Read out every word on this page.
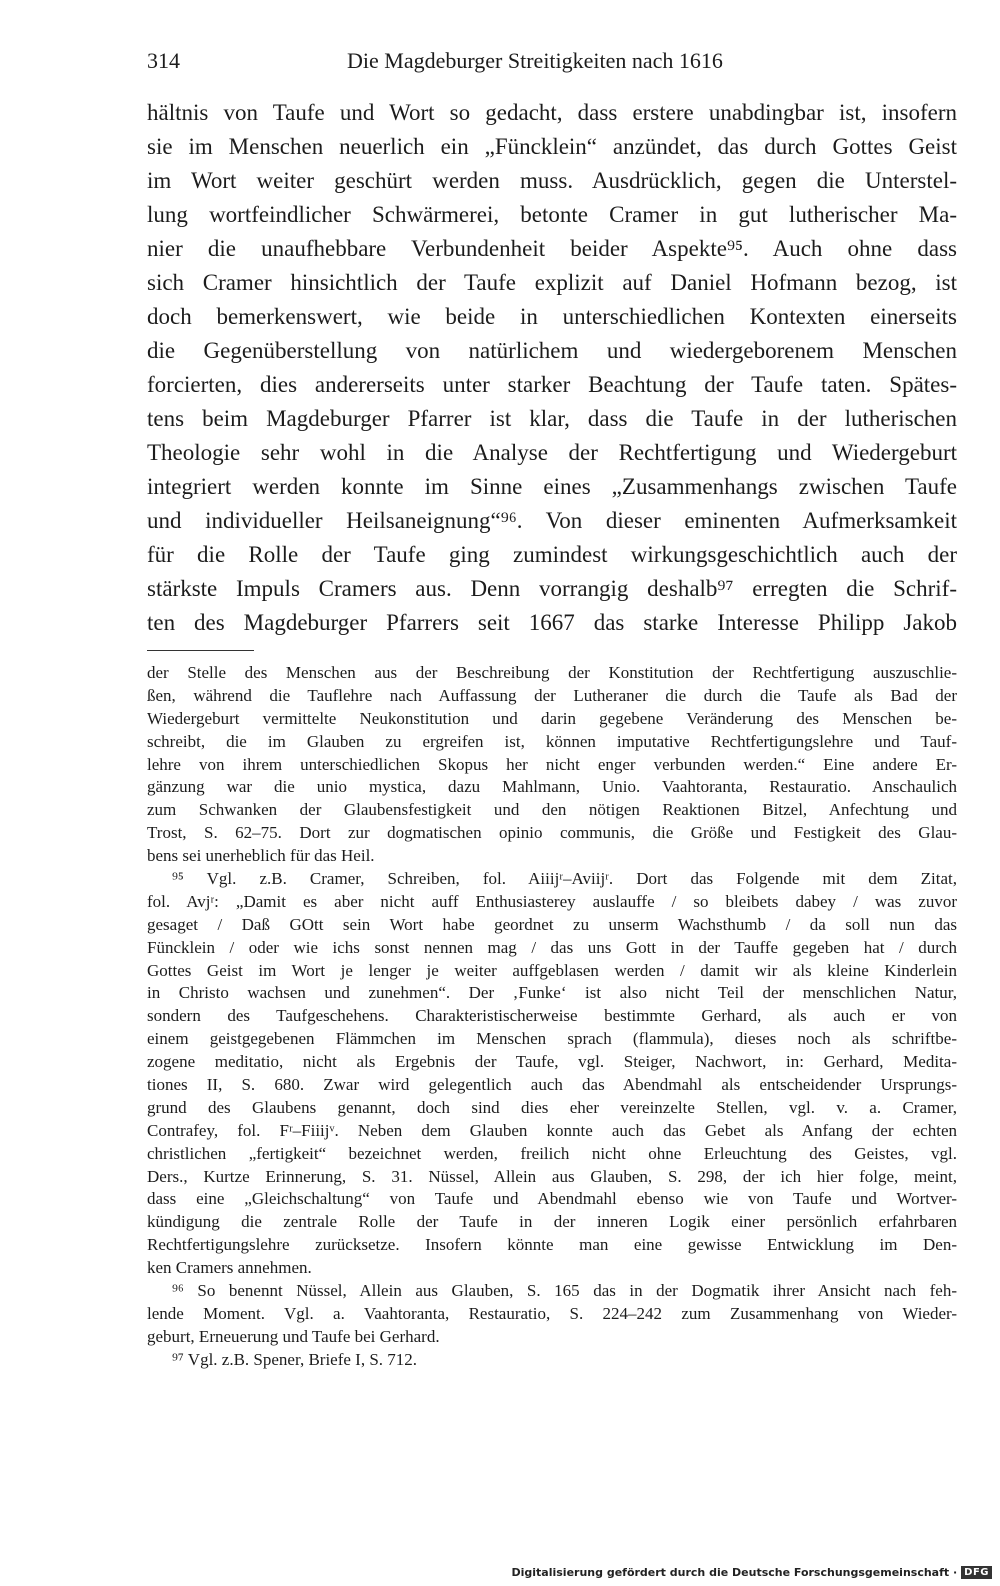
314	Die Magdeburger Streitigkeiten nach 1616
hältnis von Taufe und Wort so gedacht, dass erstere unabdingbar ist, insofern
sie im Menschen neuerlich ein „Füncklein“ anzündet, das durch Gottes Geist
im Wort weiter geschürt werden muss. Ausdrücklich, gegen die Unterstel-
lung wortfeindlicher Schwärmerei, betonte Cramer in gut lutherischer Ma-
nier die unaufhebbare Verbundenheit beider Aspekte⁹⁵. Auch ohne dass
sich Cramer hinsichtlich der Taufe explizit auf Daniel Hofmann bezog, ist
doch bemerkenswert, wie beide in unterschiedlichen Kontexten einerseits
die Gegenüberstellung von natürlichem und wiedergeborenem Menschen
forcierten, dies andererseits unter starker Beachtung der Taufe taten. Spätes-
tens beim Magdeburger Pfarrer ist klar, dass die Taufe in der lutherischen
Theologie sehr wohl in die Analyse der Rechtfertigung und Wiedergeburt
integriert werden konnte im Sinne eines „Zusammenhangs zwischen Taufe
und individueller Heilsaneignung“⁹⁶. Von dieser eminenten Aufmerksamkeit
für die Rolle der Taufe ging zumindest wirkungsgeschichtlich auch der
stärkste Impuls Cramers aus. Denn vorrangig deshalb⁹⁷ erregten die Schrif-
ten des Magdeburger Pfarrers seit 1667 das starke Interesse Philipp Jakob
der Stelle des Menschen aus der Beschreibung der Konstitution der Rechtfertigung auszuschlie-
ßen, während die Tauflehre nach Auffassung der Lutheraner die durch die Taufe als Bad der
Wiedergeburt vermittelte Neukonstitution und darin gegebene Veränderung des Menschen be-
schreibt, die im Glauben zu ergreifen ist, können imputative Rechtfertigungslehre und Tauf-
lehre von ihrem unterschiedlichen Skopus her nicht enger verbunden werden.“ Eine andere Er-
gänzung war die unio mystica, dazu Mahlmann, Unio. Vaahtoranta, Restauratio. Anschaulich
zum Schwanken der Glaubensfestigkeit und den nötigen Reaktionen Bitzel, Anfechtung und
Trost, S. 62–75. Dort zur dogmatischen opinio communis, die Größe und Festigkeit des Glau-
bens sei unerheblich für das Heil.
⁹⁵ Vgl. z.B. Cramer, Schreiben, fol. Aiiijʳ–Aviijʳ. Dort das Folgende mit dem Zitat,
fol. Avjʳ: „Damit es aber nicht auff Enthusiasterey auslauffe / so bleibets dabey / was zuvor
gesaget / Daß GOtt sein Wort habe geordnet zu unserm Wachsthumb / da soll nun das
Füncklein / oder wie ichs sonst nennen mag / das uns Gott in der Tauffe gegeben hat / durch
Gottes Geist im Wort je lenger je weiter auffgeblasen werden / damit wir als kleine Kinderlein
in Christo wachsen und zunehmen“. Der ‚Funke‘ ist also nicht Teil der menschlichen Natur,
sondern des Taufgeschehens. Charakteristischerweise bestimmte Gerhard, als auch er von
einem geistgegebenen Flämmchen im Menschen sprach (flammula), dieses noch als schriftbe-
zogene meditatio, nicht als Ergebnis der Taufe, vgl. Steiger, Nachwort, in: Gerhard, Medita-
tiones II, S. 680. Zwar wird gelegentlich auch das Abendmahl als entscheidender Ursprungs-
grund des Glaubens genannt, doch sind dies eher vereinzelte Stellen, vgl. v. a. Cramer,
Contrafey, fol. Fʳ–Fiiijᵛ. Neben dem Glauben konnte auch das Gebet als Anfang der echten
christlichen „fertigkeit“ bezeichnet werden, freilich nicht ohne Erleuchtung des Geistes, vgl.
Ders., Kurtze Erinnerung, S. 31. Nüssel, Allein aus Glauben, S. 298, der ich hier folge, meint,
dass eine „Gleichschaltung“ von Taufe und Abendmahl ebenso wie von Taufe und Wortver-
kündigung die zentrale Rolle der Taufe in der inneren Logik einer persönlich erfahrbaren
Rechtfertigungslehre zurücksetze. Insofern könnte man eine gewisse Entwicklung im Den-
ken Cramers annehmen.
⁹⁶ So benennt Nüssel, Allein aus Glauben, S. 165 das in der Dogmatik ihrer Ansicht nach feh-
lende Moment. Vgl. a. Vaahtoranta, Restauratio, S. 224–242 zum Zusammenhang von Wieder-
geburt, Erneuerung und Taufe bei Gerhard.
⁹⁷ Vgl. z.B. Spener, Briefe I, S. 712.
Digitalisierung gefördert durch die Deutsche Forschungsgemeinschaft · DFG
